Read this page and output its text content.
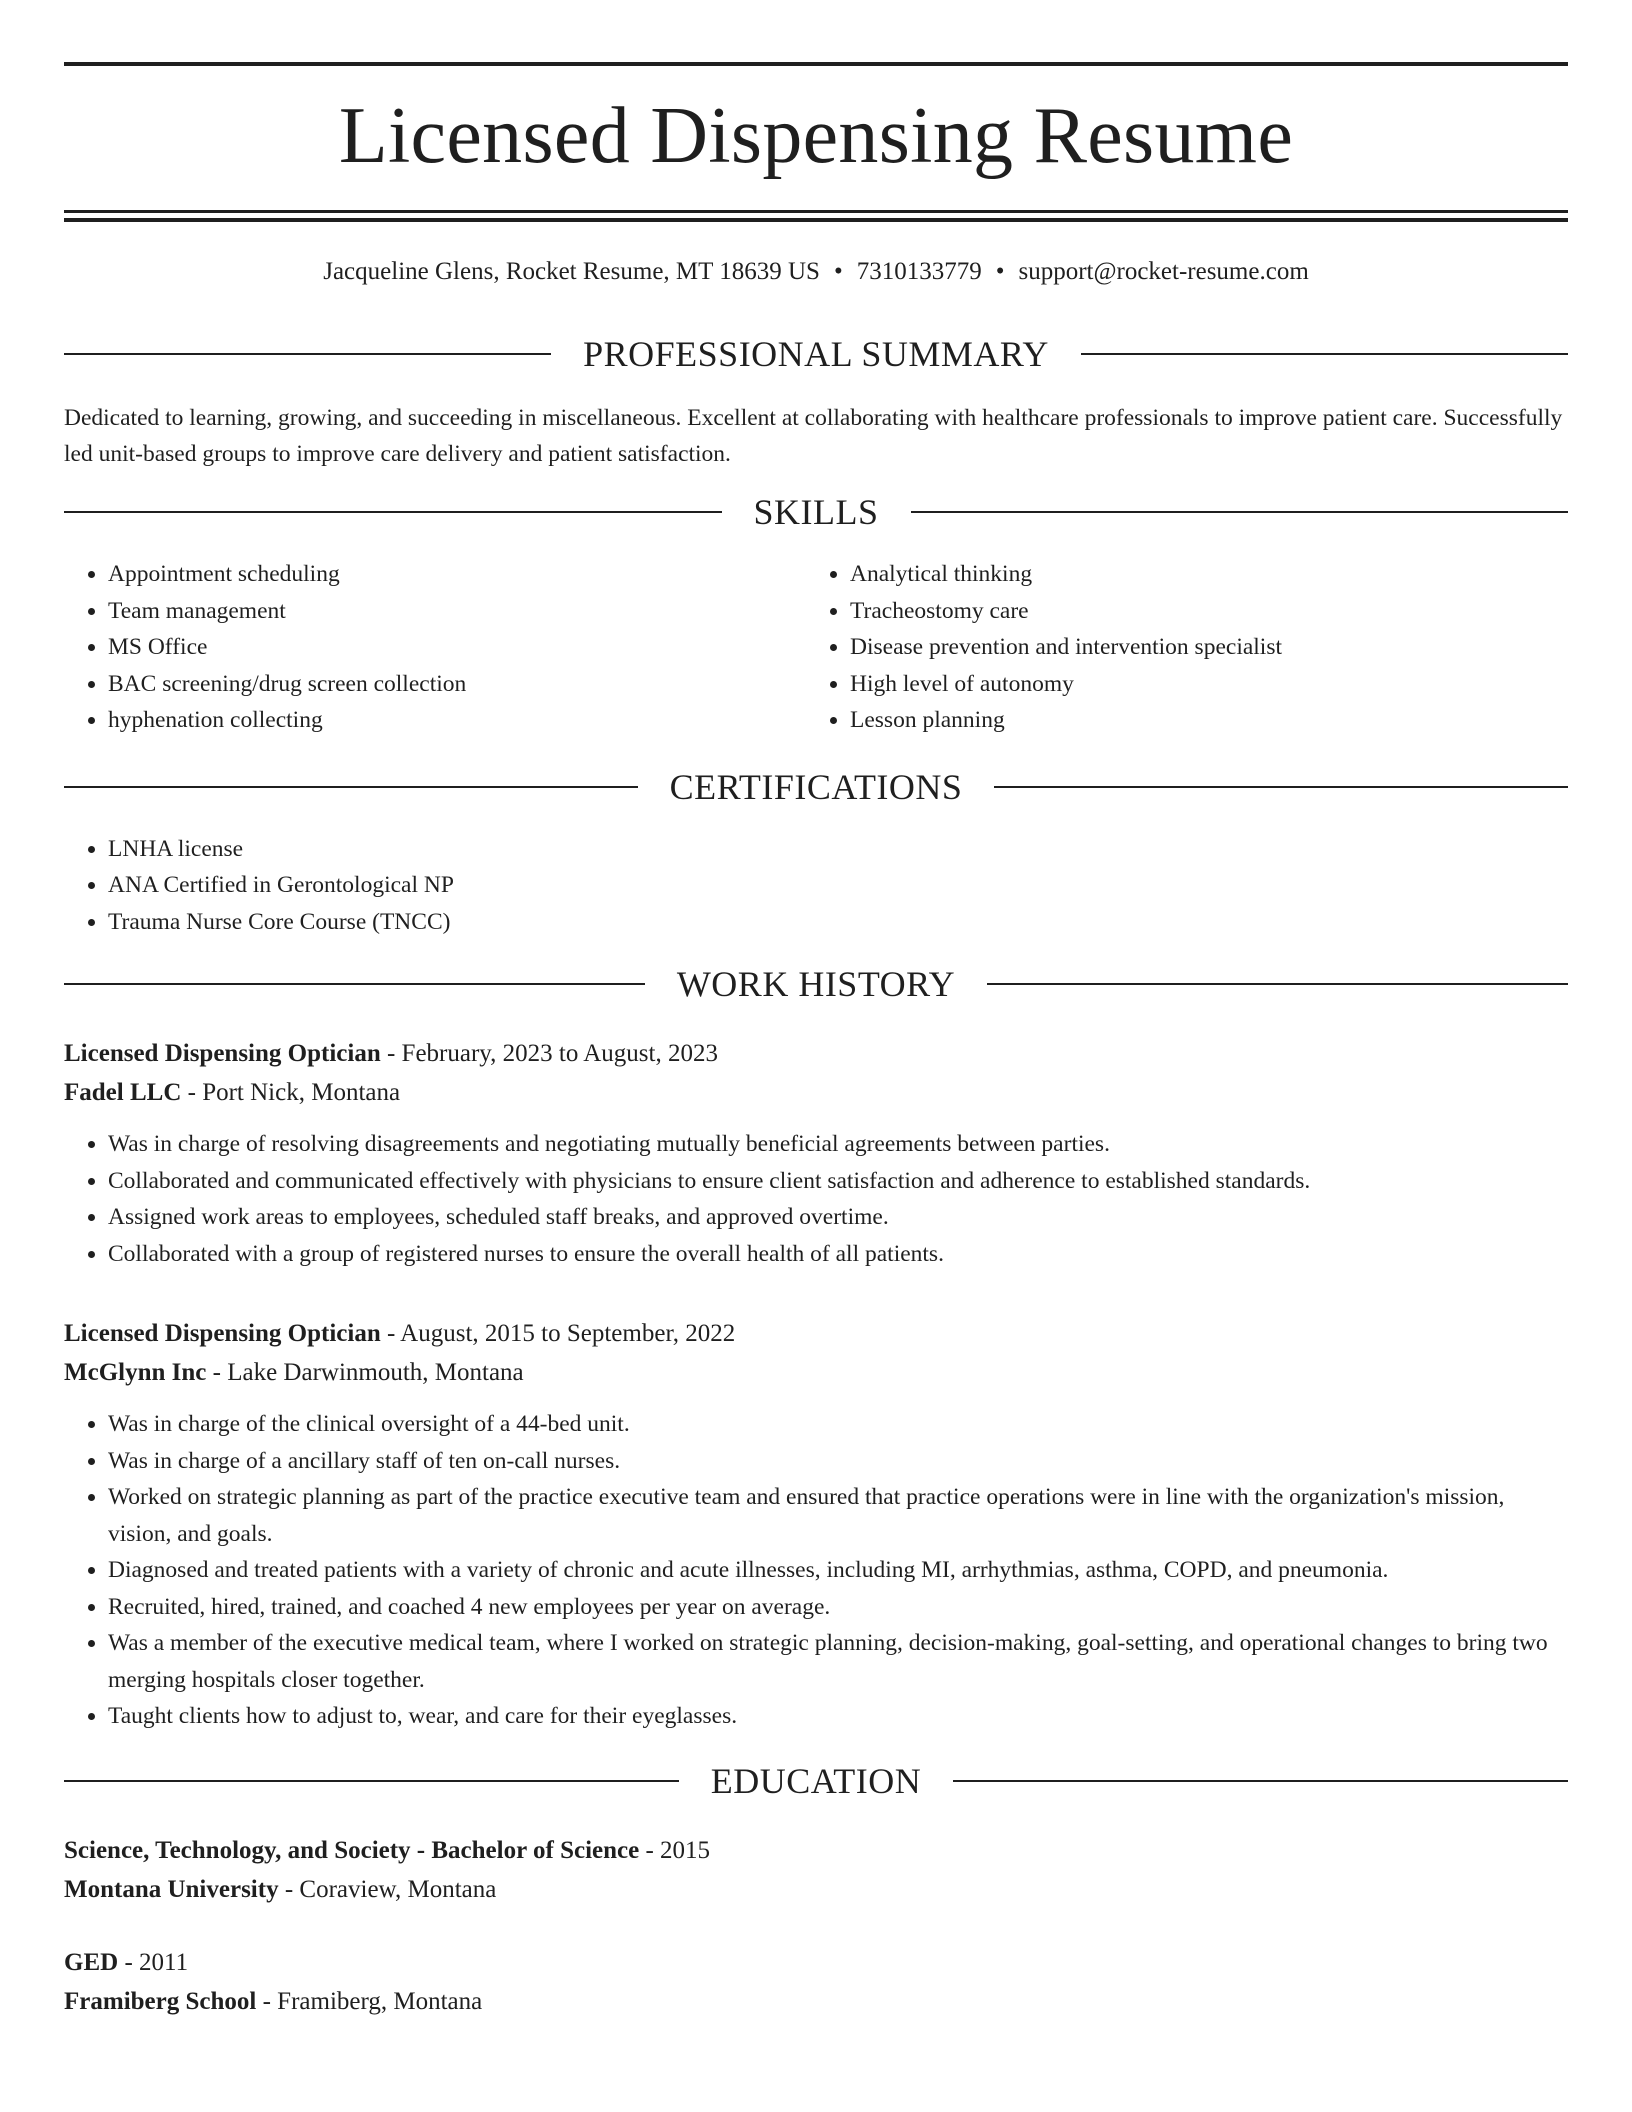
Licensed Dispensing Resume
Jacqueline Glens, Rocket Resume, MT 18639 US • 7310133779 • support@rocket-resume.com
PROFESSIONAL SUMMARY
Dedicated to learning, growing, and succeeding in miscellaneous. Excellent at collaborating with healthcare professionals to improve patient care. Successfully led unit-based groups to improve care delivery and patient satisfaction.
SKILLS
• Appointment scheduling
• Team management
• MS Office
• BAC screening/drug screen collection
• hyphenation collecting
• Analytical thinking
• Tracheostomy care
• Disease prevention and intervention specialist
• High level of autonomy
• Lesson planning
CERTIFICATIONS
• LNHA license
• ANA Certified in Gerontological NP
• Trauma Nurse Core Course (TNCC)
WORK HISTORY
Licensed Dispensing Optician - February, 2023 to August, 2023
Fadel LLC - Port Nick, Montana
• Was in charge of resolving disagreements and negotiating mutually beneficial agreements between parties.
• Collaborated and communicated effectively with physicians to ensure client satisfaction and adherence to established standards.
• Assigned work areas to employees, scheduled staff breaks, and approved overtime.
• Collaborated with a group of registered nurses to ensure the overall health of all patients.
Licensed Dispensing Optician - August, 2015 to September, 2022
McGlynn Inc - Lake Darwinmouth, Montana
• Was in charge of the clinical oversight of a 44-bed unit.
• Was in charge of a ancillary staff of ten on-call nurses.
• Worked on strategic planning as part of the practice executive team and ensured that practice operations were in line with the organization's mission, vision, and goals.
• Diagnosed and treated patients with a variety of chronic and acute illnesses, including MI, arrhythmias, asthma, COPD, and pneumonia.
• Recruited, hired, trained, and coached 4 new employees per year on average.
• Was a member of the executive medical team, where I worked on strategic planning, decision-making, goal-setting, and operational changes to bring two merging hospitals closer together.
• Taught clients how to adjust to, wear, and care for their eyeglasses.
EDUCATION
Science, Technology, and Society - Bachelor of Science - 2015
Montana University - Coraview, Montana
GED - 2011
Framiberg School - Framiberg, Montana
